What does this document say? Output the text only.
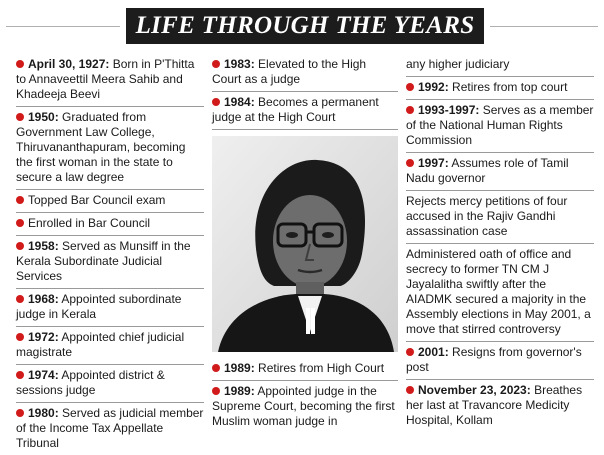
LIFE THROUGH THE YEARS
April 30, 1927: Born in P'Thitta to Annaveettil Meera Sahib and Khadeeja Beevi
1950: Graduated from Government Law College, Thiruvananthapuram, becoming the first woman in the state to secure a law degree
Topped Bar Council exam
Enrolled in Bar Council
1958: Served as Munsiff in the Kerala Subordinate Judicial Services
1968: Appointed subordinate judge in Kerala
1972: Appointed chief judicial magistrate
1974: Appointed district & sessions judge
1980: Served as judicial member of the Income Tax Appellate Tribunal
1983: Elevated to the High Court as a judge
1984: Becomes a permanent judge at the High Court
1989: Retires from High Court
1989: Appointed judge in the Supreme Court, becoming the first Muslim woman judge in
any higher judiciary
1992: Retires from top court
1993-1997: Serves as a member of the National Human Rights Commission
1997: Assumes role of Tamil Nadu governor
Rejects mercy petitions of four accused in the Rajiv Gandhi assassination case
Administered oath of office and secrecy to former TN CM J Jayalalitha swiftly after the AIADMK secured a majority in the Assembly elections in May 2001, a move that stirred controversy
2001: Resigns from governor's post
November 23, 2023: Breathes her last at Travancore Medicity Hospital, Kollam
